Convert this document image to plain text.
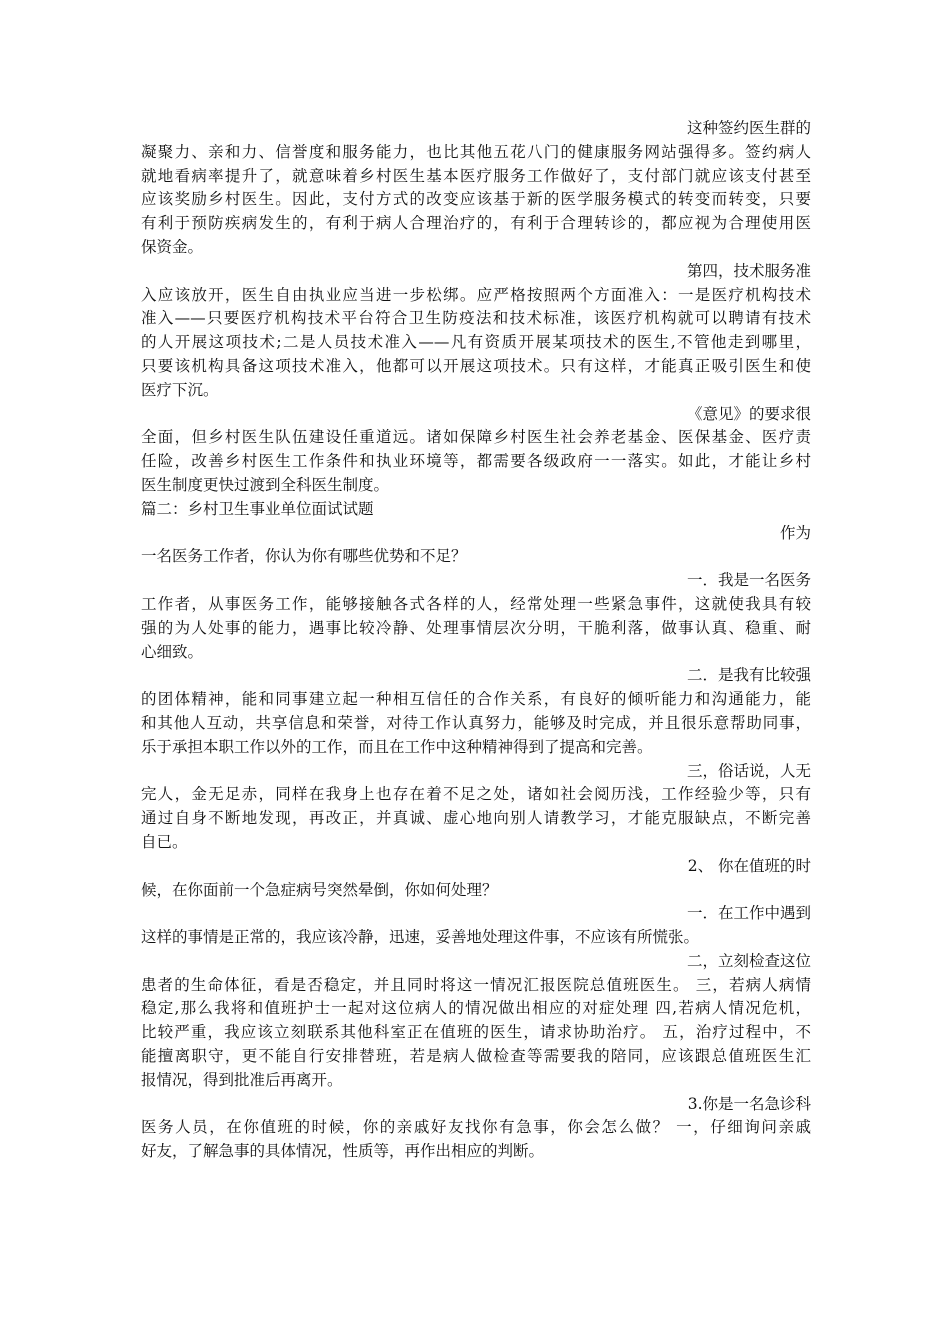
这种签约医生群的
凝聚力、亲和力、信誉度和服务能力，也比其他五花八门的健康服务网站强得多。签约病人
就地看病率提升了，就意味着乡村医生基本医疗服务工作做好了，支付部门就应该支付甚至
应该奖励乡村医生。因此，支付方式的改变应该基于新的医学服务模式的转变而转变，只要
有利于预防疾病发生的，有利于病人合理治疗的，有利于合理转诊的，都应视为合理使用医
保资金。
第四，技术服务准
入应该放开，医生自由执业应当进一步松绑。应严格按照两个方面准入：一是医疗机构技术
准入——只要医疗机构技术平台符合卫生防疫法和技术标准，该医疗机构就可以聘请有技术
的人开展这项技术;二是人员技术准入——凡有资质开展某项技术的医生,不管他走到哪里，
只要该机构具备这项技术准入，他都可以开展这项技术。只有这样，才能真正吸引医生和使
医疗下沉。
《意见》的要求很
全面，但乡村医生队伍建设任重道远。诸如保障乡村医生社会养老基金、医保基金、医疗责
任险，改善乡村医生工作条件和执业环境等，都需要各级政府一一落实。如此，才能让乡村
医生制度更快过渡到全科医生制度。
篇二：乡村卫生事业单位面试试题
作为
一名医务工作者，你认为你有哪些优势和不足？
一．我是一名医务
工作者，从事医务工作，能够接触各式各样的人，经常处理一些紧急事件，这就使我具有较
强的为人处事的能力，遇事比较冷静、处理事情层次分明，干脆利落，做事认真、稳重、耐
心细致。
二．是我有比较强
的团体精神，能和同事建立起一种相互信任的合作关系，有良好的倾听能力和沟通能力，能
和其他人互动，共享信息和荣誉，对待工作认真努力，能够及时完成，并且很乐意帮助同事，
乐于承担本职工作以外的工作，而且在工作中这种精神得到了提高和完善。
三，俗话说，人无
完人，金无足赤，同样在我身上也存在着不足之处，诸如社会阅历浅，工作经验少等，只有
通过自身不断地发现，再改正，并真诚、虚心地向别人请教学习，才能克服缺点，不断完善
自已。
2、 你在值班的时
候，在你面前一个急症病号突然晕倒，你如何处理？
一．在工作中遇到
这样的事情是正常的，我应该冷静，迅速，妥善地处理这件事，不应该有所慌张。
二，立刻检查这位
患者的生命体征，看是否稳定，并且同时将这一情况汇报医院总值班医生。 三，若病人病情
稳定,那么我将和值班护士一起对这位病人的情况做出相应的对症处理 四,若病人情况危机，
比较严重，我应该立刻联系其他科室正在值班的医生，请求协助治疗。 五，治疗过程中，不
能擅离职守，更不能自行安排替班，若是病人做检查等需要我的陪同，应该跟总值班医生汇
报情况，得到批准后再离开。
3.你是一名急诊科
医务人员，在你值班的时候，你的亲戚好友找你有急事，你会怎么做？ 一，仔细询问亲戚
好友，了解急事的具体情况，性质等，再作出相应的判断。
